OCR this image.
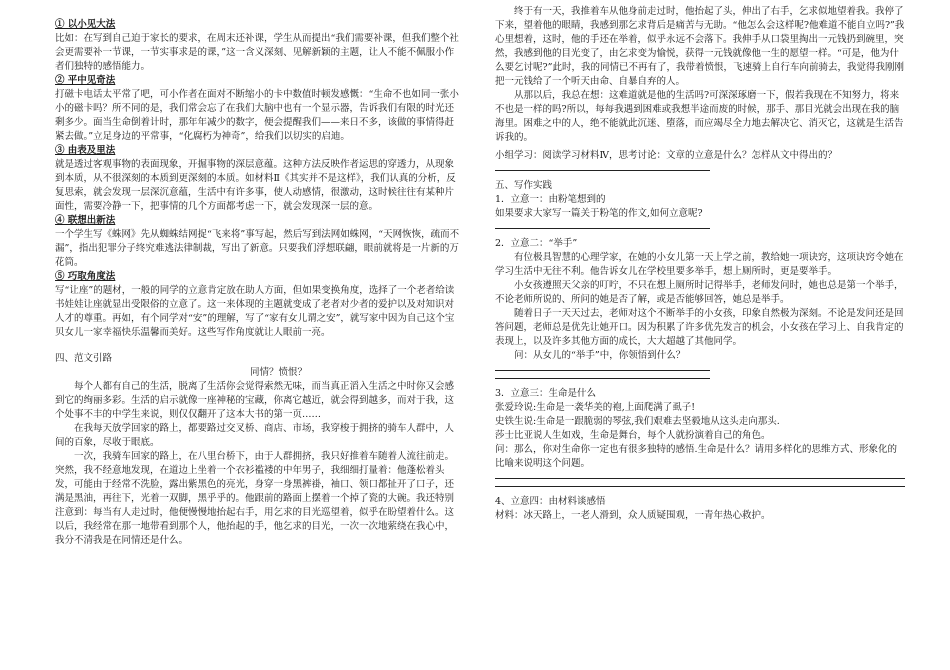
① 以小见大法

比如：在写到自己迫于家长的要求，在周末还补课，学生从而提出“我们需要补课，但我们整个社会更需要补一节课，一节实事求是的课，”这一含义深刻、见解新颖的主题，让人不能不佩服小作者们独特的感悟能力。

② 平中见奇法

打磁卡电话太平常了吧，可小作者在面对不断缩小的卡中数值时顿发感慨：“生命不也如同一张小小的磁卡吗？所不同的是，我们常会忘了在我们大脑中也有一个显示器，告诉我们有限的时光还剩多少。面当生命倒着计时，那年年减少的数字，便会提醒我们——来日不多，该做的事情得赶紧去做。”立足身边的平常事，“化腐朽为神奇”，给我们以切实的启迪。

③ 由表及里法

就是透过客观事物的表面现象，开掘事物的深层意蕴。这种方法反映作者运思的穿透力，从现象到本质，从不很深刻的本质到更深刻的本质。如材料Ⅱ《其实并不是这样》，我们认真的分析，反复思索，就会发现一层深沉意蕴，生活中有许多事，使人动感情，很激动，这时候往往有某种片面性，需要冷静一下，把事情的几个方面都考虑一下，就会发现深一层的意。

④ 联想出新法

一个学生写《蛛网》先从蜘蛛结网捉“飞来将”事写起，然后写到法网如蛛网，“天网恢恢，疏而不漏”，指出犯罪分子终究难逃法律制裁，写出了新意。只要我们浮想联翩，眼前就将是一片新的万花筒。

⑤ 巧取角度法

写“让座”的题材，一般的同学的立意肯定放在助人方面，但如果变换角度，选择了一个老者给读书娃娃让座就显出受限俗的立意了。这一来体现的主题就变成了老者对少者的爱护以及对知识对人才的尊重。再如，有个同学对“安”的理解，写了“家有女儿谓之安”，就写家中因为自己这个宝贝女儿一家幸福快乐温馨而美好。这些写作角度就让人眼前一亮。

四、范文引路

同情？愤恨？

每个人都有自己的生活，脱离了生活你会觉得索然无味，而当真正滔入生活之中时你又会感到它的绚丽多彩。生活的启示就像一座神秘的宝藏，你离它越近，就会得到越多，而对于我，这个处事不丰的中学生来说，则仅仅翻开了这本大书的第一页……

在我每天放学回家的路上，都要路过交叉桥、商店、市场，我穿梭于拥挤的骑车人群中，人间的百象，尽收于眼底。

一次，我骑车回家的路上，在八里台桥下，由于人群拥挤，我只好推着车随着人流往前走。突然，我不经意地发现，在道边上坐着一个衣衫褴褛的中年男子，我细细打量着：他蓬松着头发，可能由于经常不洗脸，露出紫黑色的亮光，身穿一身黑裤褂，袖口、领口都扯开了口子，还满是黑油，再往下，光着一双脚，黑乎乎的。他跟前的路面上摆着一个掉了瓷的大碗。我还特别注意到：每当有人走过时，他便慢慢地抬起右手，用乞求的目光巡望着，似乎在盼望着什么。这以后，我经常在那一地带看到那个人，他抬起的手，他乞求的目光，一次一次地萦绕在我心中，我分不清我是在同情还是什么。

终于有一天，我推着车从他身前走过时，他抬起了头，伸出了右手，乞求似地望着我。我停了下来，望着他的眼睛，我感到那乞求背后是痛苦与无助。“他怎么会这样呢?他难道不能自立吗?”我心里想着，这时，他的手还在举着，似乎永远不会落下。我伸手从口袋里掏出一元钱扔到碗里，突然，我感到他的目光变了，由乞求变为愉悦，获得一元钱就像他一生的愿望一样。“可是，他为什么要乞讨呢?”此时，我的同情已不再有了，我带着愤恨，飞速骑上自行车向前骑去，我觉得我刚刚把一元钱给了一个听天由命、自暴自弃的人。

从那以后，我总在想：这难道就是他的生活吗?可深深琢磨一下，假若我现在不知努力，将来不也是一样的吗?所以，每每我遇到困难或我想半途而废的时候，那手、那目光就会出现在我的脑海里。困难之中的人，绝不能就此沉迷、堕落，而应竭尽全力地去解决它、消灭它，这就是生活告诉我的。

小组学习：阅读学习材料Ⅳ，思考讨论：文章的立意是什么？怎样从文中得出的？

五、写作实践

1．立意一：由粉笔想到的

如果要求大家写一篇关于粉笔的作文,如何立意呢?

2．立意二：“举手”

有位极具智慧的心理学家，在她的小女儿第一天上学之前，教给她一项诀窍，这项诀窍令她在学习生活中无往不利。他告诉女儿在学校里要多举手，想上厕所时，更是要举手。

小女孩遵照天父亲的叮咛，不只在想上厕所时记得举手，老师发问时，她也总是第一个举手，不论老师所说的、所问的她是否了解，或是否能够回答，她总是举手。

随着日子一天天过去，老师对这个不断举手的小女孩，印象自然极为深刻。不论是发问还是回答问题，老师总是优先让她开口。因为积累了许多优先发言的机会，小女孩在学习上、自我肯定的表现上，以及许多其他方面的成长，大大超越了其他同学。

问：从女儿的“举手”中，你领悟到什么？

3．立意三：生命是什么

张爱玲说:生命是一袭华美的袍,上面爬满了虱子!

史铁生说:生命是一跟脆弱的琴弦,我们艰难去坚毅地从这头走向那头.

莎士比亚说人生如戏，生命是舞台，每个人就扮演着自己的角色。

问：那么，你对生命你一定也有很多独特的感悟.生命是什么？请用多样化的思维方式、形象化的比喻来说明这个问题。

4、立意四：由材料谈感悟

材料：冰天路上，一老人滑到，众人质疑围观，一青年热心救护。
